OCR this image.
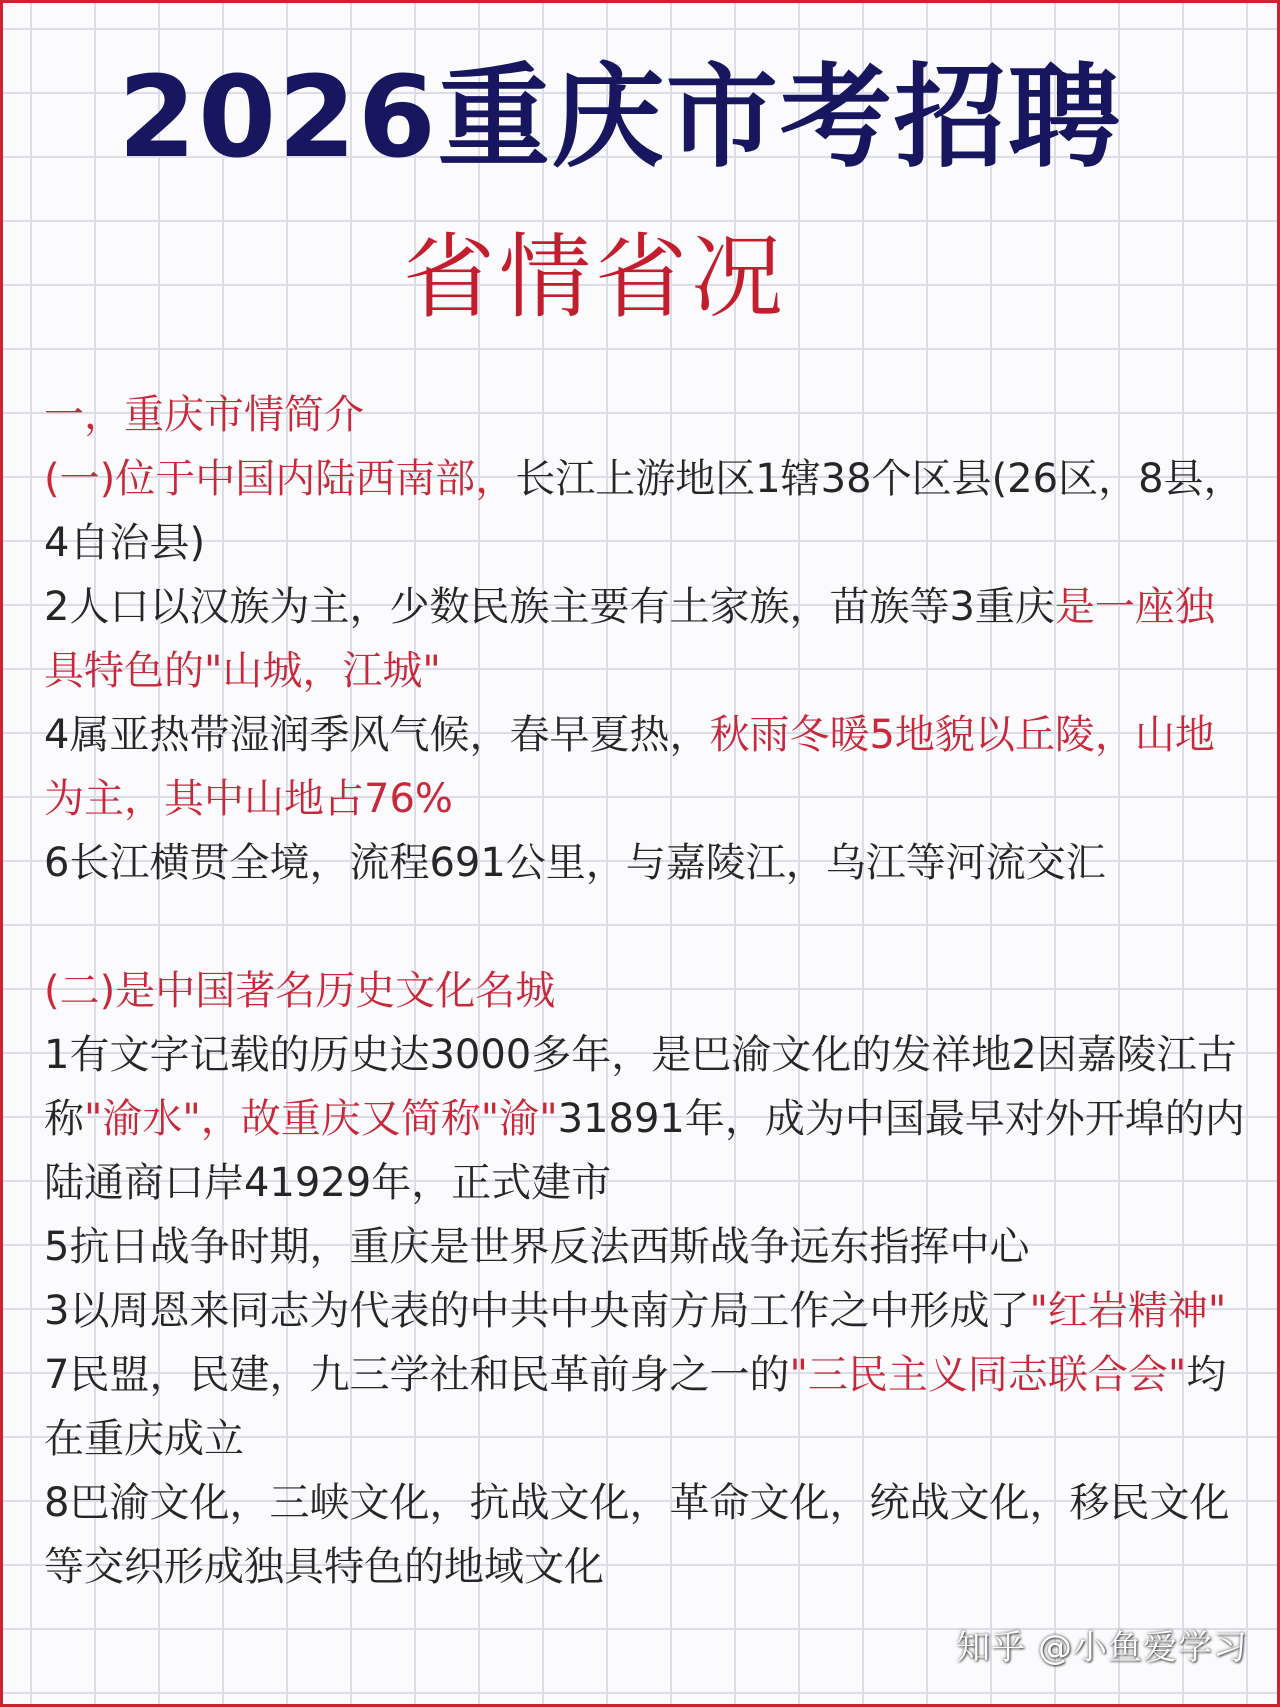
2026重庆市考招聘
省情省况

一，重庆市情简介

(一)位于中国内陆西南部，长江上游地区1辖38个区县(26区，8县，4自治县)

2人口以汉族为主，少数民族主要有土家族，苗族等3重庆是一座独具特色的"山城，江城"

4属亚热带湿润季风气候，春早夏热，秋雨冬暖5地貌以丘陵，山地为主，其中山地占76%

6长江横贯全境，流程691公里，与嘉陵江，乌江等河流交汇

(二)是中国著名历史文化名城

1有文字记载的历史达3000多年，是巴渝文化的发祥地2因嘉陵江古称"渝水"，故重庆又简称"渝"31891年，成为中国最早对外开埠的内陆通商口岸41929年，正式建市

5抗日战争时期，重庆是世界反法西斯战争远东指挥中心

3以周恩来同志为代表的中共中央南方局工作之中形成了"红岩精神"

7民盟，民建，九三学社和民革前身之一的"三民主义同志联合会"均在重庆成立

8巴渝文化，三峡文化，抗战文化，革命文化，统战文化，移民文化等交织形成独具特色的地域文化

知乎 @小鱼爱学习
